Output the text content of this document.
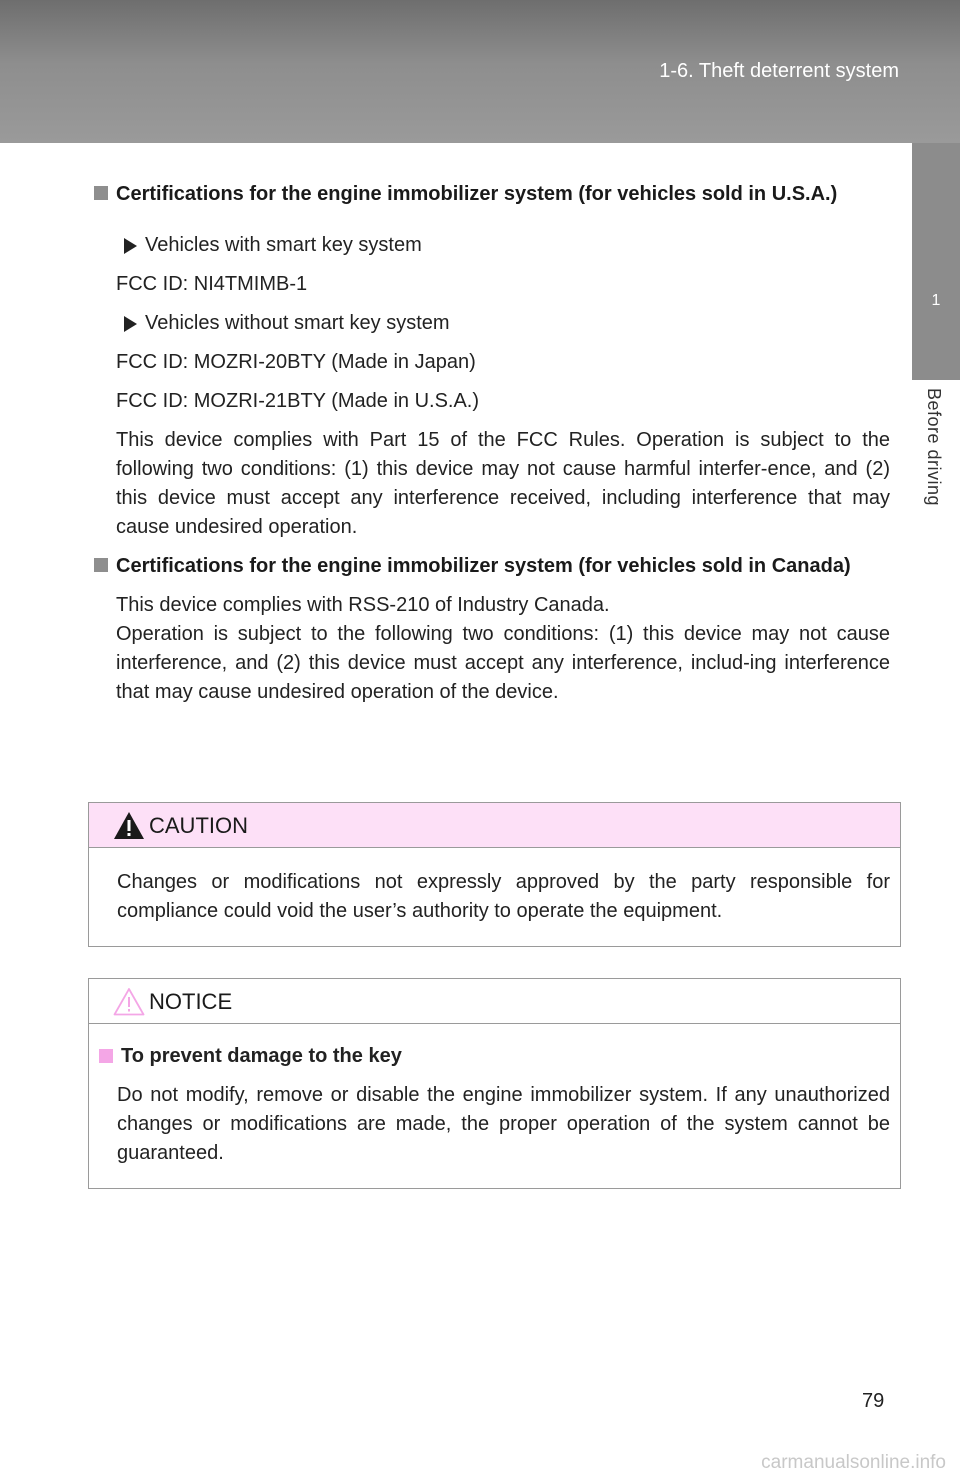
1-6. Theft deterrent system
1
Before driving
Certifications for the engine immobilizer system (for vehicles sold in U.S.A.)
Vehicles with smart key system
FCC ID: NI4TMIMB-1
Vehicles without smart key system
FCC ID: MOZRI-20BTY (Made in Japan)
FCC ID: MOZRI-21BTY (Made in U.S.A.)
This device complies with Part 15 of the FCC Rules. Operation is subject to the following two conditions: (1) this device may not cause harmful interfer-ence, and (2) this device must accept any interference received, including interference that may cause undesired operation.
Certifications for the engine immobilizer system (for vehicles sold in Canada)
This device complies with RSS-210 of Industry Canada.
Operation is subject to the following two conditions: (1) this device may not cause interference, and (2) this device must accept any interference, includ-ing interference that may cause undesired operation of the device.
CAUTION
Changes or modifications not expressly approved by the party responsible for compliance could void the user’s authority to operate the equipment.
NOTICE
To prevent damage to the key
Do not modify, remove or disable the engine immobilizer system. If any unauthorized changes or modifications are made, the proper operation of the system cannot be guaranteed.
79
carmanualsonline.info
